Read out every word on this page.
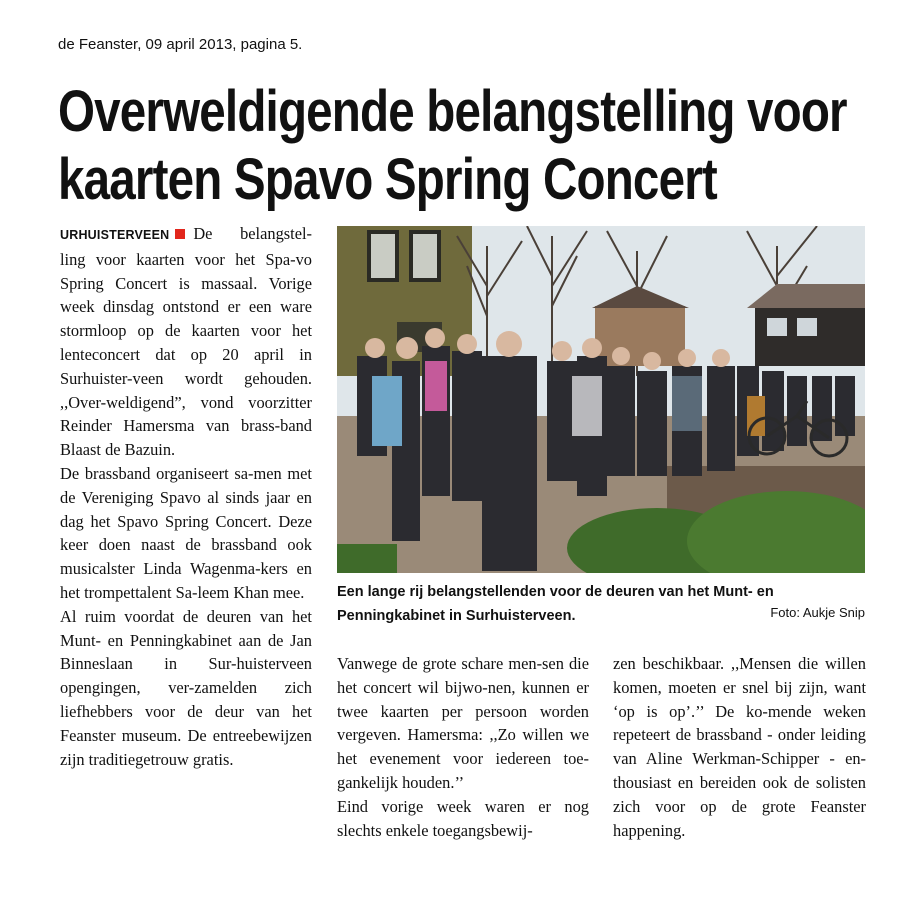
de Feanster, 09 april 2013, pagina 5.
Overweldigende belangstelling voor
kaarten Spavo Spring Concert

URHUISTERVEEN De belangstel-ling voor kaarten voor het Spa-vo Spring Concert is massaal. Vorige week dinsdag ontstond er een ware stormloop op de kaarten voor het lenteconcert dat op 20 april in Surhuister-veen wordt gehouden. ,,Over-weldigend”, vond voorzitter Reinder Hamersma van brass-band Blaast de Bazuin.

De brassband organiseert sa-men met de Vereniging Spavo al sinds jaar en dag het Spavo Spring Concert. Deze keer doen naast de brassband ook musicalster Linda Wagenma-kers en het trompettalent Sa-leem Khan mee.

Al ruim voordat de deuren van het Munt- en Penningkabinet aan de Jan Binneslaan in Sur-huisterveen opengingen, ver-zamelden zich liefhebbers voor de deur van het Feanster museum. De entreebewijzen zijn traditiegetrouw gratis.

Een lange rij belangstellenden voor de deuren van het Munt- en Penningkabinet in Surhuisterveen.	Foto: Aukje Snip

Vanwege de grote schare men-sen die het concert wil bijwo-nen, kunnen er twee kaarten per persoon worden vergeven. Hamersma: ,,Zo willen we het evenement voor iedereen toe-gankelijk houden.’’

Eind vorige week waren er nog slechts enkele toegangsbewij-

zen beschikbaar. ,,Mensen die willen komen, moeten er snel bij zijn, want ‘op is op’.’’ De ko-mende weken repeteert de brassband - onder leiding van Aline Werkman-Schipper - en-thousiast en bereiden ook de solisten zich voor op de grote Feanster happening.
